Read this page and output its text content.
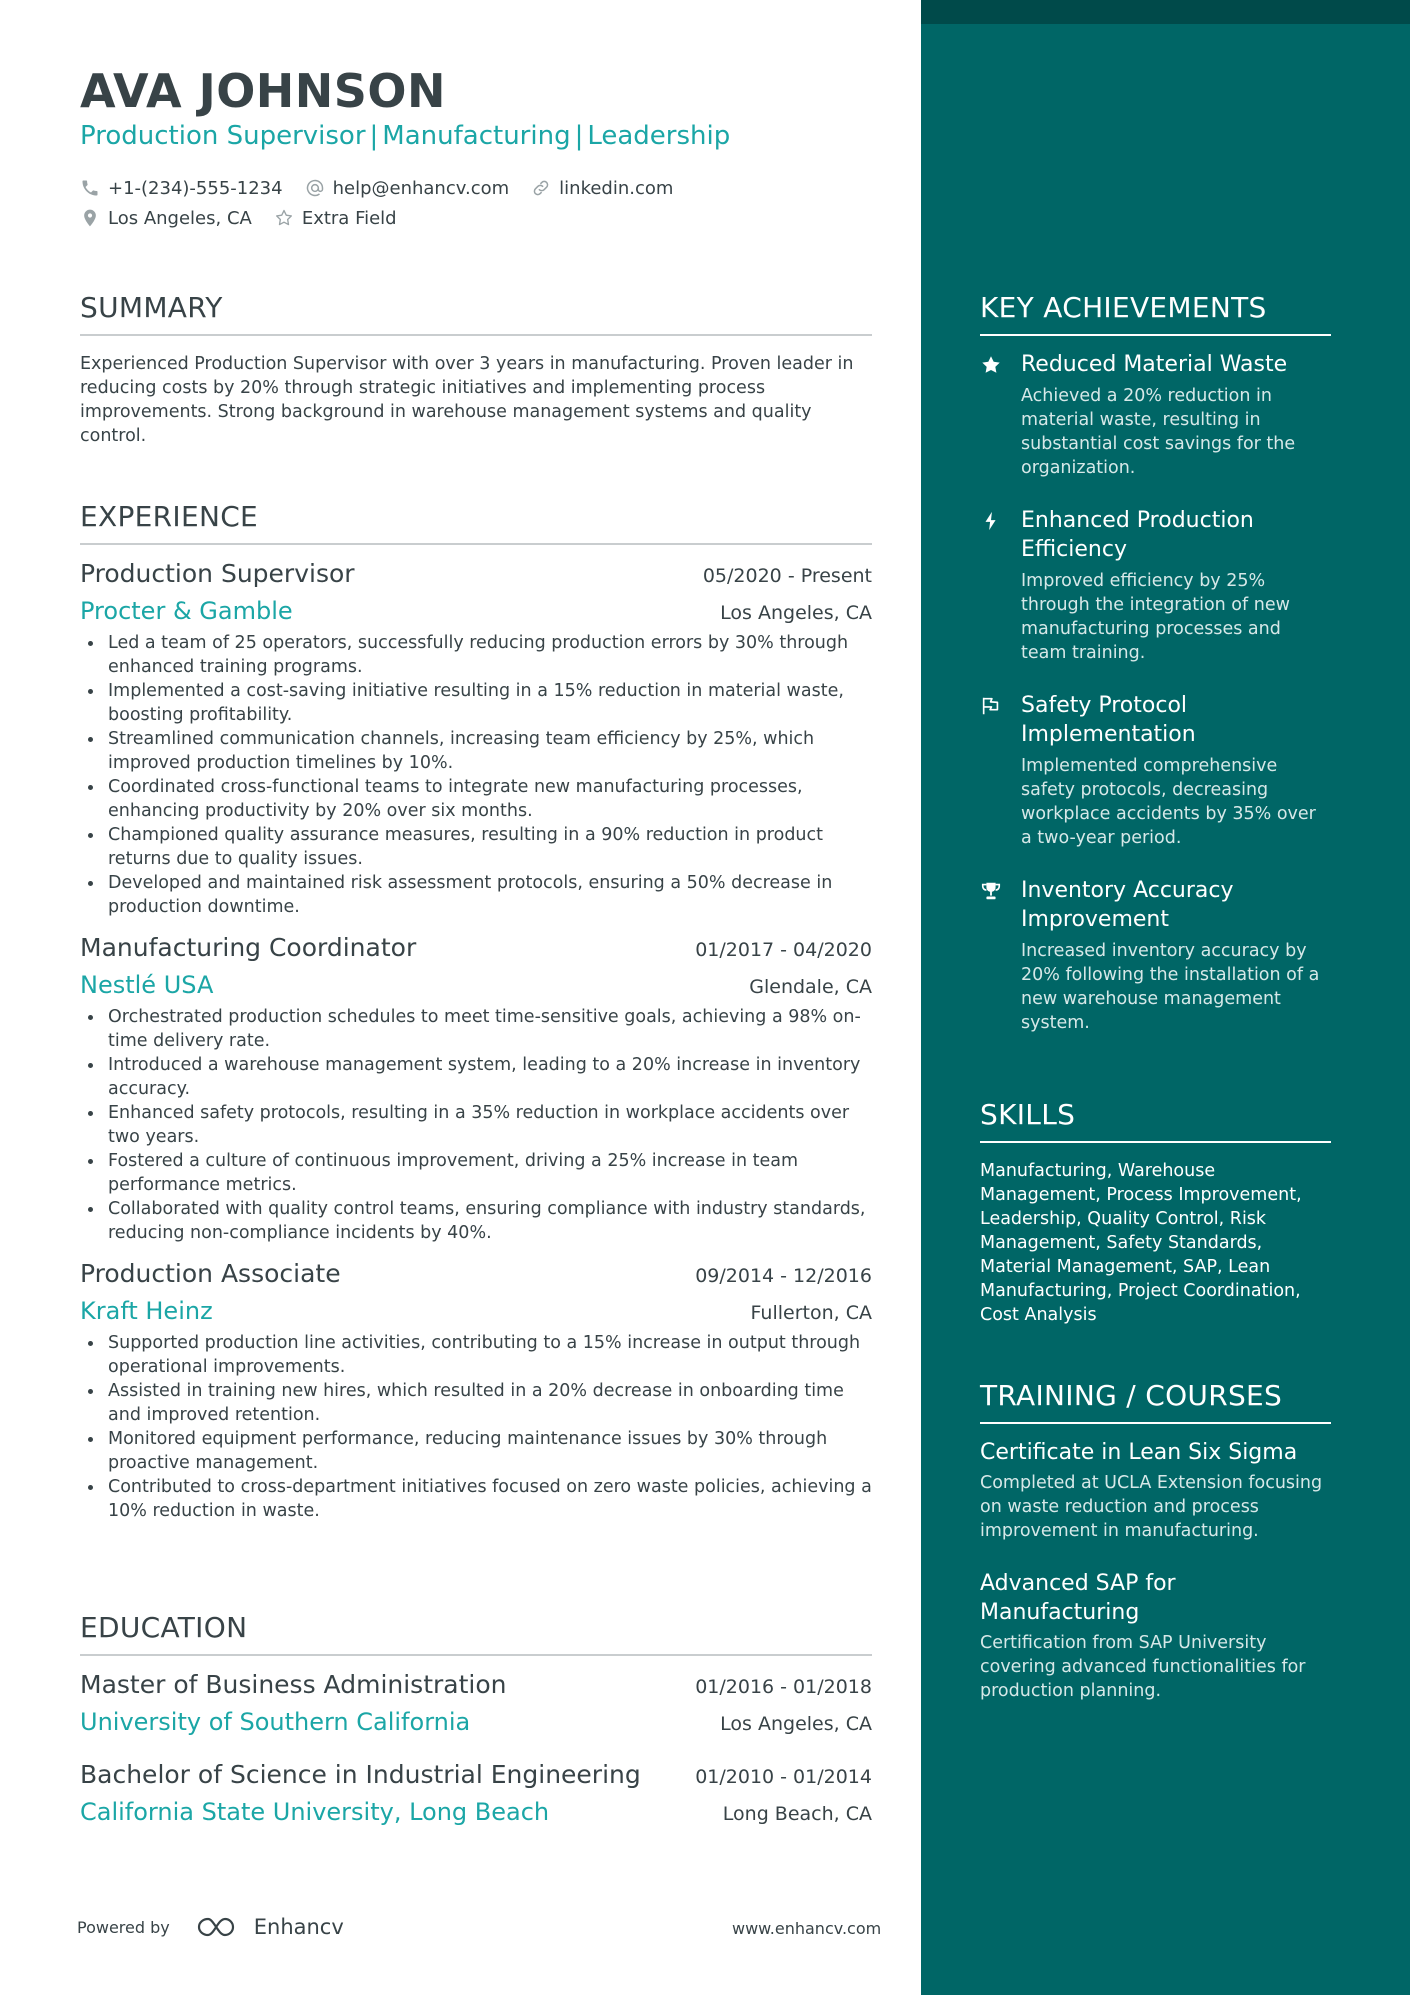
AVA JOHNSON
Production Supervisor | Manufacturing | Leadership
+1-(234)-555-1234	help@enhancv.com	linkedin.com
Los Angeles, CA	Extra Field
SUMMARY
Experienced Production Supervisor with over 3 years in manufacturing. Proven leader in reducing costs by 20% through strategic initiatives and implementing process improvements. Strong background in warehouse management systems and quality control.
EXPERIENCE
Production Supervisor	05/2020 - Present
Procter & Gamble	Los Angeles, CA
Led a team of 25 operators, successfully reducing production errors by 30% through enhanced training programs.
Implemented a cost-saving initiative resulting in a 15% reduction in material waste, boosting profitability.
Streamlined communication channels, increasing team efficiency by 25%, which improved production timelines by 10%.
Coordinated cross-functional teams to integrate new manufacturing processes, enhancing productivity by 20% over six months.
Championed quality assurance measures, resulting in a 90% reduction in product returns due to quality issues.
Developed and maintained risk assessment protocols, ensuring a 50% decrease in production downtime.
Manufacturing Coordinator	01/2017 - 04/2020
Nestlé USA	Glendale, CA
Orchestrated production schedules to meet time-sensitive goals, achieving a 98% on-time delivery rate.
Introduced a warehouse management system, leading to a 20% increase in inventory accuracy.
Enhanced safety protocols, resulting in a 35% reduction in workplace accidents over two years.
Fostered a culture of continuous improvement, driving a 25% increase in team performance metrics.
Collaborated with quality control teams, ensuring compliance with industry standards, reducing non-compliance incidents by 40%.
Production Associate	09/2014 - 12/2016
Kraft Heinz	Fullerton, CA
Supported production line activities, contributing to a 15% increase in output through operational improvements.
Assisted in training new hires, which resulted in a 20% decrease in onboarding time and improved retention.
Monitored equipment performance, reducing maintenance issues by 30% through proactive management.
Contributed to cross-department initiatives focused on zero waste policies, achieving a 10% reduction in waste.
EDUCATION
Master of Business Administration	01/2016 - 01/2018
University of Southern California	Los Angeles, CA
Bachelor of Science in Industrial Engineering	01/2010 - 01/2014
California State University, Long Beach	Long Beach, CA
Powered by	Enhancv	www.enhancv.com
KEY ACHIEVEMENTS
Reduced Material Waste
Achieved a 20% reduction in material waste, resulting in substantial cost savings for the organization.
Enhanced Production Efficiency
Improved efficiency by 25% through the integration of new manufacturing processes and team training.
Safety Protocol Implementation
Implemented comprehensive safety protocols, decreasing workplace accidents by 35% over a two-year period.
Inventory Accuracy Improvement
Increased inventory accuracy by 20% following the installation of a new warehouse management system.
SKILLS
Manufacturing, Warehouse Management, Process Improvement, Leadership, Quality Control, Risk Management, Safety Standards, Material Management, SAP, Lean Manufacturing, Project Coordination, Cost Analysis
TRAINING / COURSES
Certificate in Lean Six Sigma
Completed at UCLA Extension focusing on waste reduction and process improvement in manufacturing.
Advanced SAP for Manufacturing
Certification from SAP University covering advanced functionalities for production planning.
